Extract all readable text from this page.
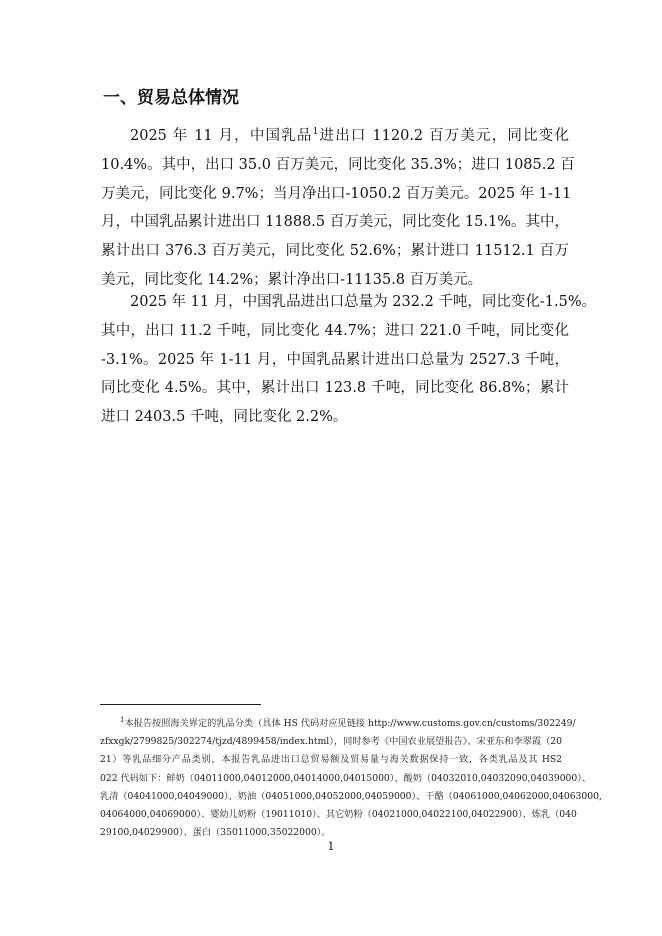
一、贸易总体情况
2025 年 11 月，中国乳品$^1$进出口 1120.2 百万美元，同比变化
10.4%。其中，出口 35.0 百万美元，同比变化 35.3%；进口 1085.2 百
万美元，同比变化 9.7%；当月净出口-1050.2 百万美元。2025 年 1-11
月，中国乳品累计进出口 11888.5 百万美元，同比变化 15.1%。其中，
累计出口 376.3 百万美元，同比变化 52.6%；累计进口 11512.1 百万
美元，同比变化 14.2%；累计净出口-11135.8 百万美元。
2025 年 11 月，中国乳品进出口总量为 232.2 千吨，同比变化-1.5%。
其中，出口 11.2 千吨，同比变化 44.7%；进口 221.0 千吨，同比变化
-3.1%。2025 年 1-11 月，中国乳品累计进出口总量为 2527.3 千吨，
同比变化 4.5%。其中，累计出口 123.8 千吨，同比变化 86.8%；累计
进口 2403.5 千吨，同比变化 2.2%。
$^1$本报告按照海关界定的乳品分类（具体 HS 代码对应见链接 http://www.customs.gov.cn/customs/302249/
zfxxgk/2799825/302274/tjzd/4899458/index.html），同时参考《中国农业展望报告》、宋亚东和李翠霞（20
21）等乳品细分产品类别，本报告乳品进出口总贸易额及贸易量与海关数据保持一致，各类乳品及其 HS2
022 代码如下：鲜奶（04011000,04012000,04014000,04015000）、酸奶（04032010,04032090,04039000）、
乳清（04041000,04049000）、奶油（04051000,04052000,04059000）、干酪（04061000,04062000,04063000,
04064000,04069000）、婴幼儿奶粉（19011010）、其它奶粉（04021000,04022100,04022900）、炼乳（040
29100,04029900）、蛋白（35011000,35022000）。
1
